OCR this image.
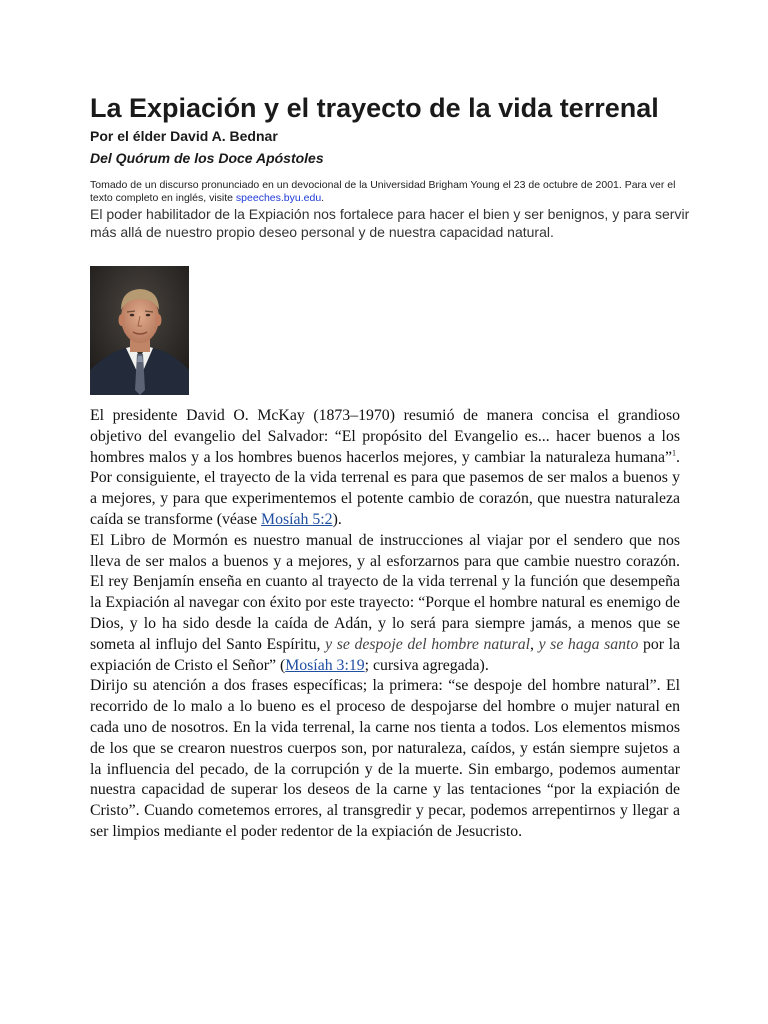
La Expiación y el trayecto de la vida terrenal
Por el élder David A. Bednar
Del Quórum de los Doce Apóstoles
Tomado de un discurso pronunciado en un devocional de la Universidad Brigham Young el 23 de octubre de 2001. Para ver el texto completo en inglés, visite speeches.byu.edu.
El poder habilitador de la Expiación nos fortalece para hacer el bien y ser benignos, y para servir más allá de nuestro propio deseo personal y de nuestra capacidad natural.

El presidente David O. McKay (1873–1970) resumió de manera concisa el grandioso objetivo del evangelio del Salvador: “El propósito del Evangelio es... hacer buenos a los hombres malos y a los hombres buenos hacerlos mejores, y cambiar la naturaleza humana”$^1$. Por consiguiente, el trayecto de la vida terrenal es para que pasemos de ser malos a buenos y a mejores, y para que experimentemos el potente cambio de corazón, que nuestra naturaleza caída se transforme (véase Mosíah 5:2).

El Libro de Mormón es nuestro manual de instrucciones al viajar por el sendero que nos lleva de ser malos a buenos y a mejores, y al esforzarnos para que cambie nuestro corazón. El rey Benjamín enseña en cuanto al trayecto de la vida terrenal y la función que desempeña la Expiación al navegar con éxito por este trayecto: “Porque el hombre natural es enemigo de Dios, y lo ha sido desde la caída de Adán, y lo será para siempre jamás, a menos que se someta al influjo del Santo Espíritu, y se despoje del hombre natural, y se haga santo por la expiación de Cristo el Señor” (Mosíah 3:19; cursiva agregada).

Dirijo su atención a dos frases específicas; la primera: “se despoje del hombre natural”. El recorrido de lo malo a lo bueno es el proceso de despojarse del hombre o mujer natural en cada uno de nosotros. En la vida terrenal, la carne nos tienta a todos. Los elementos mismos de los que se crearon nuestros cuerpos son, por naturaleza, caídos, y están siempre sujetos a la influencia del pecado, de la corrupción y de la muerte. Sin embargo, podemos aumentar nuestra capacidad de superar los deseos de la carne y las tentaciones “por la expiación de Cristo”. Cuando cometemos errores, al transgredir y pecar, podemos arrepentirnos y llegar a ser limpios mediante el poder redentor de la expiación de Jesucristo.
